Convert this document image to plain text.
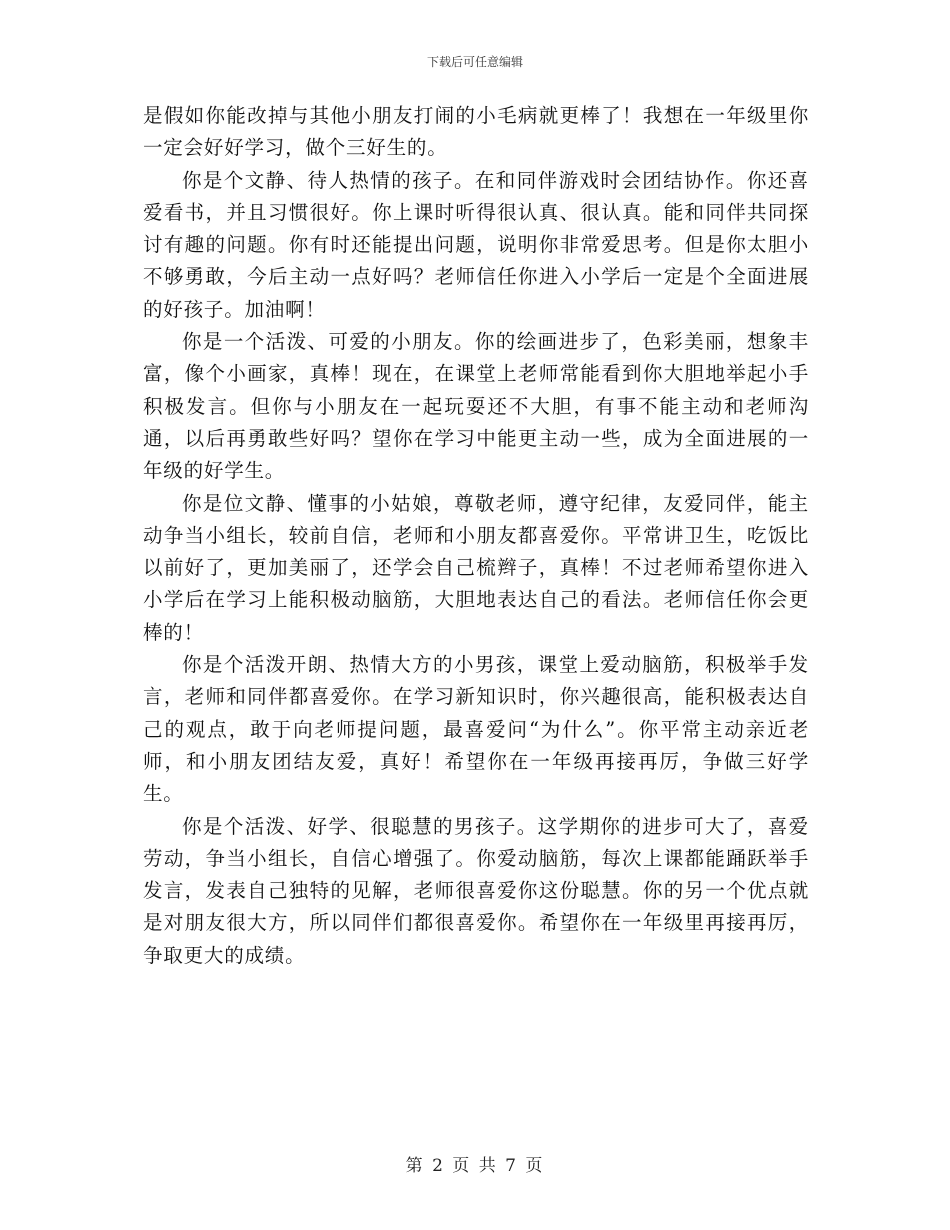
下载后可任意编辑

是假如你能改掉与其他小朋友打闹的小毛病就更棒了！我想在一年级里你一定会好好学习，做个三好生的。

你是个文静、待人热情的孩子。在和同伴游戏时会团结协作。你还喜爱看书，并且习惯很好。你上课时听得很认真、很认真。能和同伴共同探讨有趣的问题。你有时还能提出问题，说明你非常爱思考。但是你太胆小不够勇敢，今后主动一点好吗？老师信任你进入小学后一定是个全面进展的好孩子。加油啊！

你是一个活泼、可爱的小朋友。你的绘画进步了，色彩美丽，想象丰富，像个小画家，真棒！现在，在课堂上老师常能看到你大胆地举起小手积极发言。但你与小朋友在一起玩耍还不大胆，有事不能主动和老师沟通，以后再勇敢些好吗？望你在学习中能更主动一些，成为全面进展的一年级的好学生。

你是位文静、懂事的小姑娘，尊敬老师，遵守纪律，友爱同伴，能主动争当小组长，较前自信，老师和小朋友都喜爱你。平常讲卫生，吃饭比以前好了，更加美丽了，还学会自己梳辫子，真棒！不过老师希望你进入小学后在学习上能积极动脑筋，大胆地表达自己的看法。老师信任你会更棒的！

你是个活泼开朗、热情大方的小男孩，课堂上爱动脑筋，积极举手发言，老师和同伴都喜爱你。在学习新知识时，你兴趣很高，能积极表达自己的观点，敢于向老师提问题，最喜爱问“为什么”。你平常主动亲近老师，和小朋友团结友爱，真好！希望你在一年级再接再厉，争做三好学生。

你是个活泼、好学、很聪慧的男孩子。这学期你的进步可大了，喜爱劳动，争当小组长，自信心增强了。你爱动脑筋，每次上课都能踊跃举手发言，发表自己独特的见解，老师很喜爱你这份聪慧。你的另一个优点就是对朋友很大方，所以同伴们都很喜爱你。希望你在一年级里再接再厉，争取更大的成绩。

第 2 页 共 7 页
